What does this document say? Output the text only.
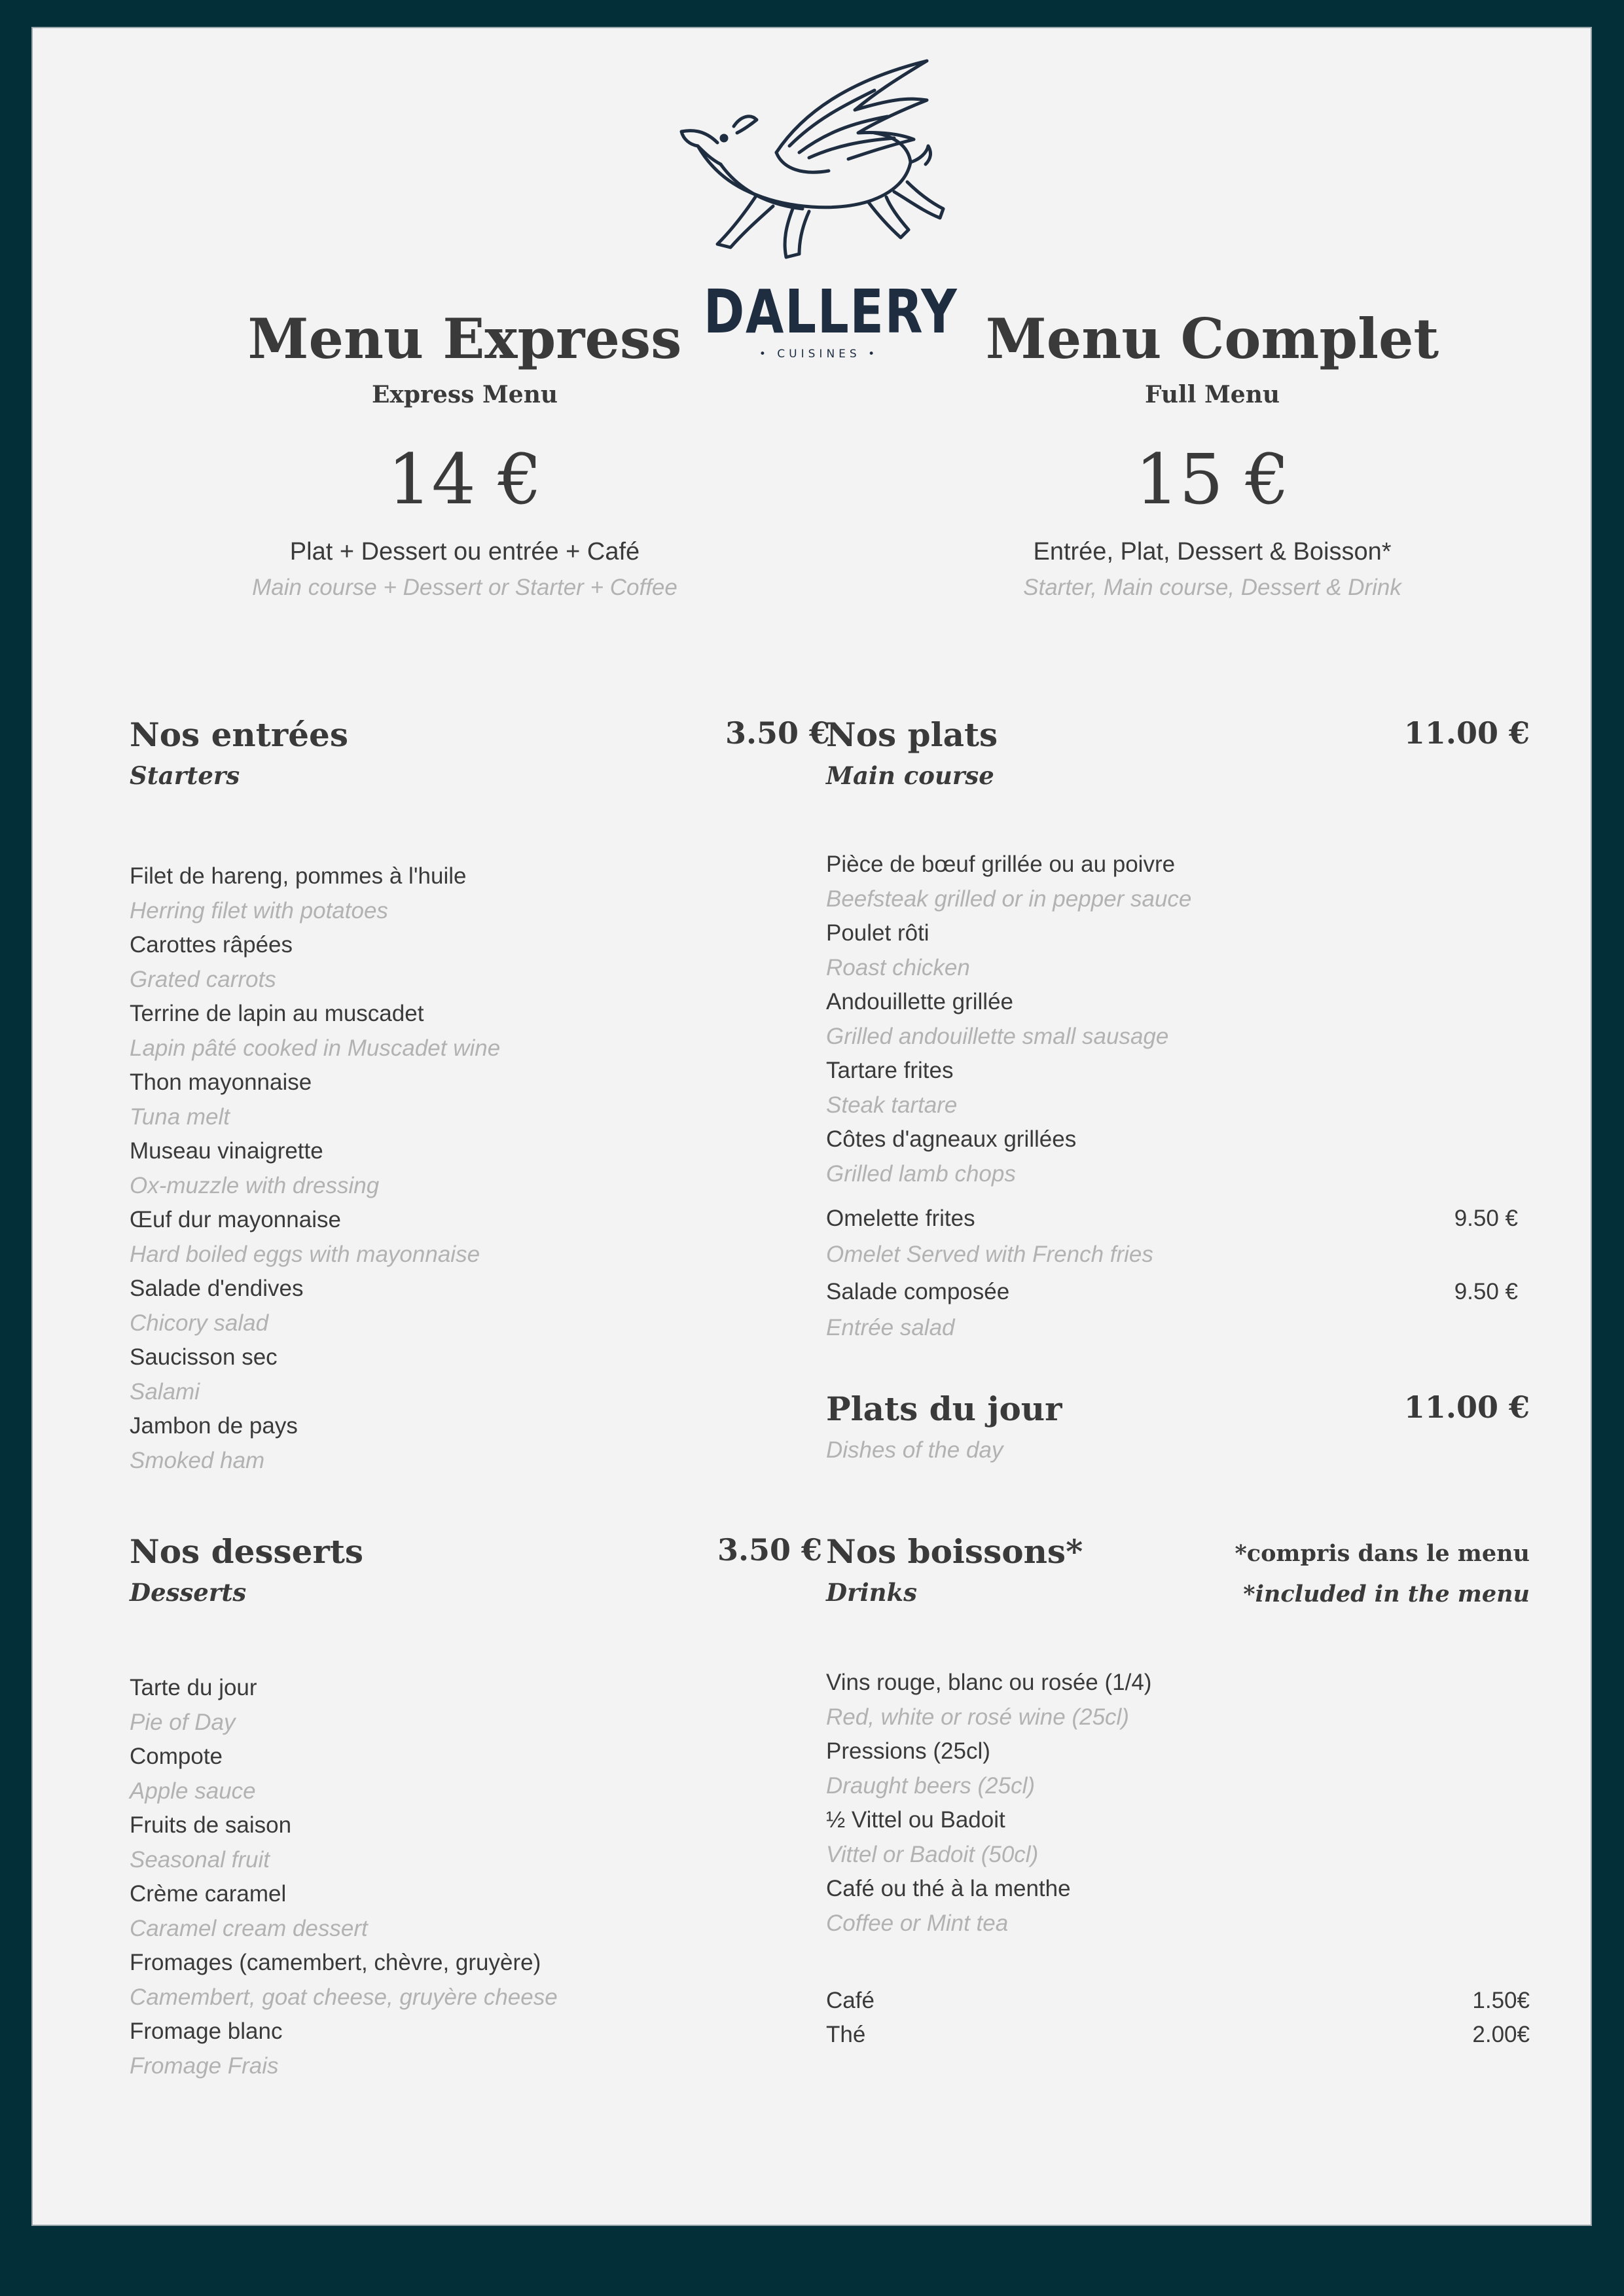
DALLERY
• CUISINES •
Menu Express
Express Menu
14 €
Plat + Dessert ou entrée + Café
Main course + Dessert or Starter + Coffee
Menu Complet
Full Menu
15 €
Entrée, Plat, Dessert & Boisson*
Starter, Main course, Dessert & Drink
Nos entrées	3.50 €
Starters
Filet de hareng, pommes à l'huile
Herring filet with potatoes
Carottes râpées
Grated carrots
Terrine de lapin au muscadet
Lapin pâté cooked in Muscadet wine
Thon mayonnaise
Tuna melt
Museau vinaigrette
Ox-muzzle with dressing
Œuf dur mayonnaise
Hard boiled eggs with mayonnaise
Salade d'endives
Chicory salad
Saucisson sec
Salami
Jambon de pays
Smoked ham
Nos plats	11.00 €
Main course
Pièce de bœuf grillée ou au poivre
Beefsteak grilled or in pepper sauce
Poulet rôti
Roast chicken
Andouillette grillée
Grilled andouillette small sausage
Tartare frites
Steak tartare
Côtes d'agneaux grillées
Grilled lamb chops
Omelette frites	9.50 €
Omelet Served with French fries
Salade composée	9.50 €
Entrée salad
Plats du jour	11.00 €
Dishes of the day
Nos desserts	3.50 €
Desserts
Tarte du jour
Pie of Day
Compote
Apple sauce
Fruits de saison
Seasonal fruit
Crème caramel
Caramel cream dessert
Fromages (camembert, chèvre, gruyère)
Camembert, goat cheese, gruyère cheese
Fromage blanc
Fromage Frais
Nos boissons*	*compris dans le menu
Drinks	*included in the menu
Vins rouge, blanc ou rosée (1/4)
Red, white or rosé wine (25cl)
Pressions (25cl)
Draught beers (25cl)
½ Vittel ou Badoit
Vittel or Badoit (50cl)
Café ou thé à la menthe
Coffee or Mint tea
Café	1.50€
Thé	2.00€
